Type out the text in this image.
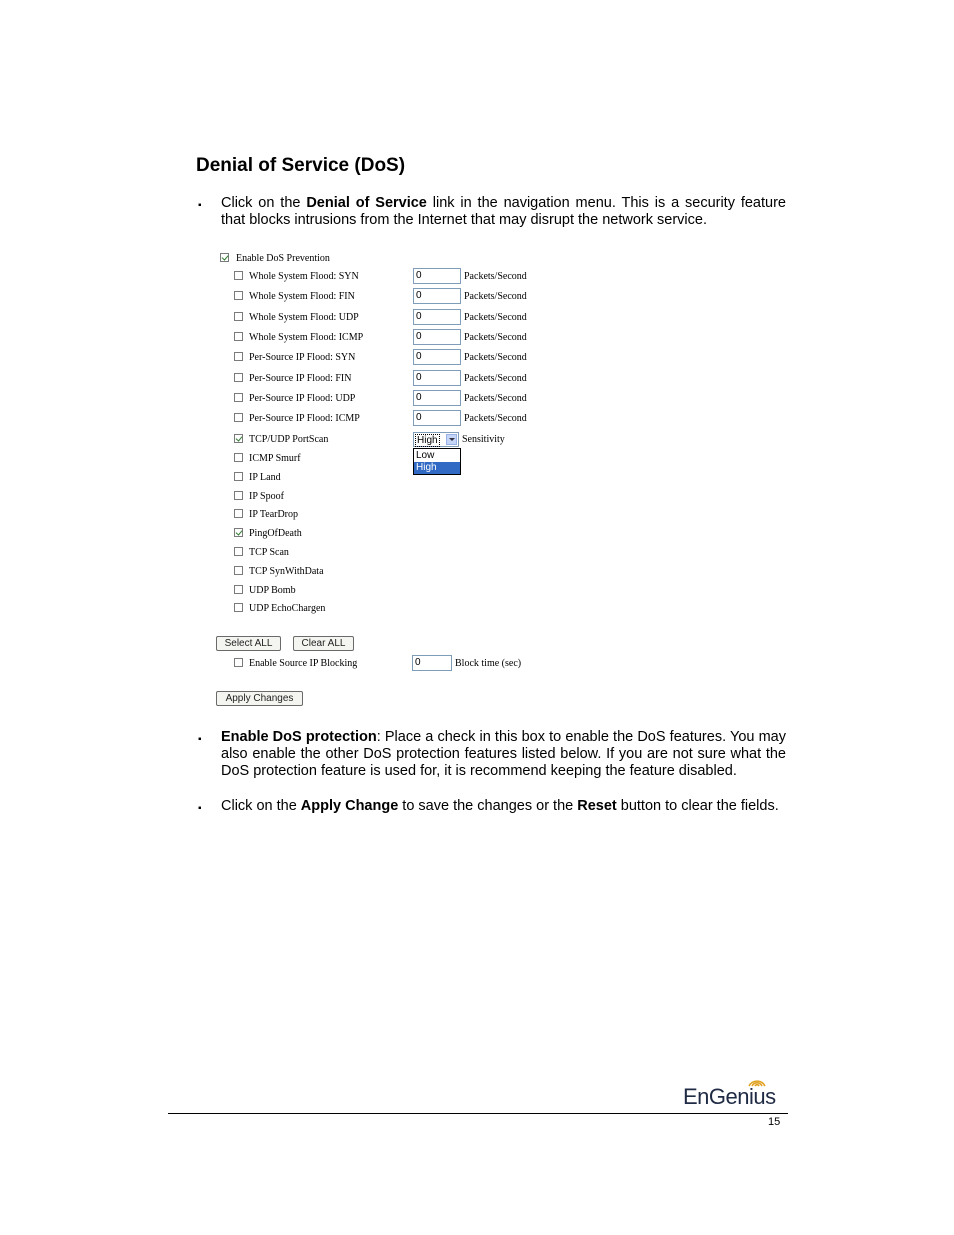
Denial of Service (DoS)
▪ Click on the Denial of Service link in the navigation menu. This is a security feature that blocks intrusions from the Internet that may disrupt the network service.
Enable DoS Prevention
Whole System Flood: SYN	0	Packets/Second
Whole System Flood: FIN	0	Packets/Second
Whole System Flood: UDP	0	Packets/Second
Whole System Flood: ICMP	0	Packets/Second
Per-Source IP Flood: SYN	0	Packets/Second
Per-Source IP Flood: FIN	0	Packets/Second
Per-Source IP Flood: UDP	0	Packets/Second
Per-Source IP Flood: ICMP	0	Packets/Second
TCP/UDP PortScan	High Sensitivity
Low
High
ICMP Smurf
IP Land
IP Spoof
IP TearDrop
PingOfDeath
TCP Scan
TCP SynWithData
UDP Bomb
UDP EchoChargen
Select ALL	Clear ALL
Enable Source IP Blocking	0	Block time (sec)
Apply Changes
▪ Enable DoS protection: Place a check in this box to enable the DoS features. You may also enable the other DoS protection features listed below. If you are not sure what the DoS protection feature is used for, it is recommend keeping the feature disabled.
▪ Click on the Apply Change to save the changes or the Reset button to clear the fields.
EnGenius
15
